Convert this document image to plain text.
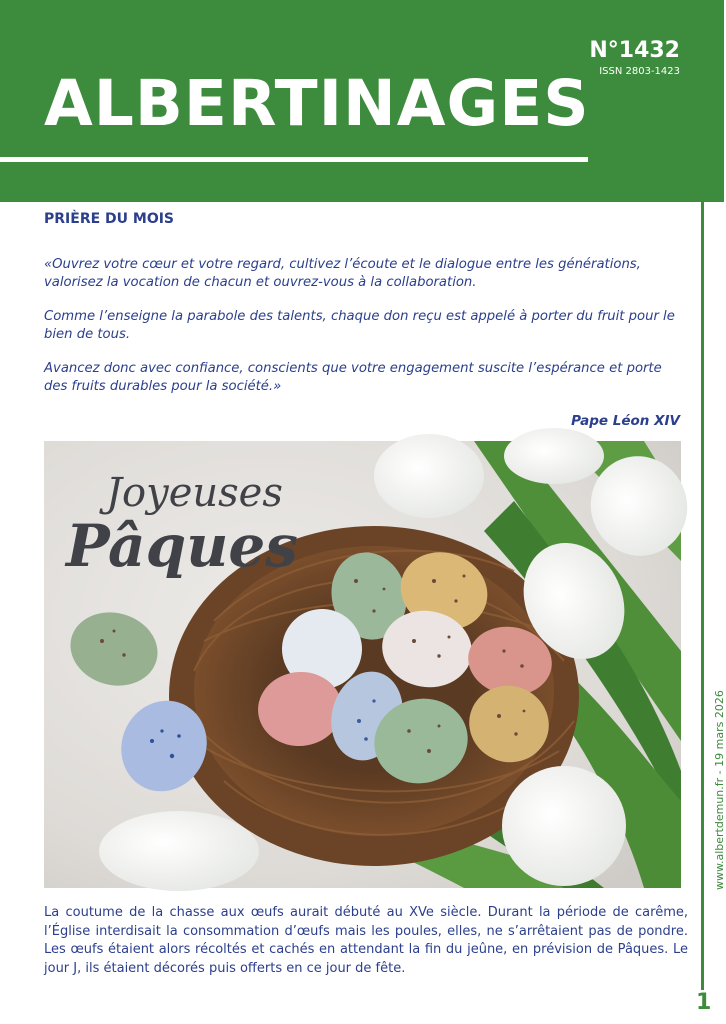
N°1432
ISSN 2803-1423
ALBERTINAGES
PRIÈRE DU MOIS

«Ouvrez votre cœur et votre regard, cultivez l’écoute et le dialogue entre les générations, valorisez la vocation de chacun et ouvrez-vous à la collaboration.

Comme l’enseigne la parabole des talents, chaque don reçu est appelé à porter du fruit pour le bien de tous.

Avancez donc avec confiance, conscients que votre engagement suscite l’espérance et porte des fruits durables pour la société.»

Pape Léon XIV
Joyeuses
Pâques
La coutume de la chasse aux œufs aurait débuté au XVe siècle. Durant la période de carême, l’Église interdisait la consommation d’œufs mais les poules, elles, ne s’arrêtaient pas de pondre. Les œufs étaient alors récoltés et cachés en attendant la fin du jeûne, en prévision de Pâques. Le jour J, ils étaient décorés puis offerts en ce jour de fête.
www.albertdemun.fr - 19 mars 2026
1
